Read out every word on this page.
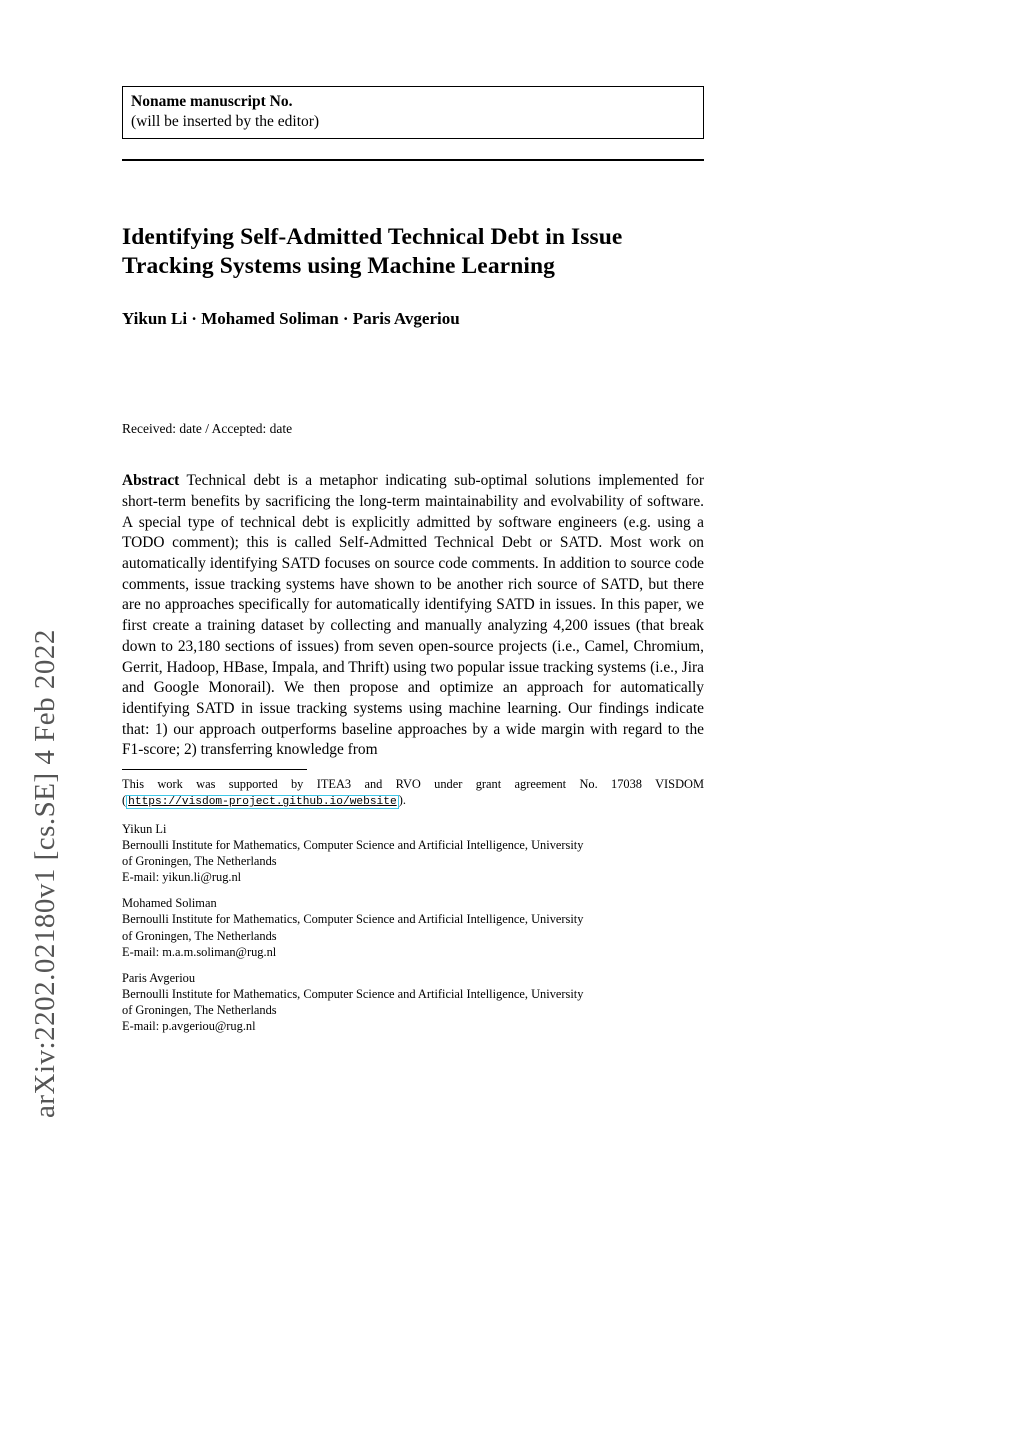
arXiv:2202.02180v1 [cs.SE] 4 Feb 2022
Noname manuscript No.
(will be inserted by the editor)
Identifying Self-Admitted Technical Debt in Issue Tracking Systems using Machine Learning
Yikun Li · Mohamed Soliman · Paris Avgeriou
Received: date / Accepted: date
Abstract Technical debt is a metaphor indicating sub-optimal solutions implemented for short-term benefits by sacrificing the long-term maintainability and evolvability of software. A special type of technical debt is explicitly admitted by software engineers (e.g. using a TODO comment); this is called Self-Admitted Technical Debt or SATD. Most work on automatically identifying SATD focuses on source code comments. In addition to source code comments, issue tracking systems have shown to be another rich source of SATD, but there are no approaches specifically for automatically identifying SATD in issues. In this paper, we first create a training dataset by collecting and manually analyzing 4,200 issues (that break down to 23,180 sections of issues) from seven open-source projects (i.e., Camel, Chromium, Gerrit, Hadoop, HBase, Impala, and Thrift) using two popular issue tracking systems (i.e., Jira and Google Monorail). We then propose and optimize an approach for automatically identifying SATD in issue tracking systems using machine learning. Our findings indicate that: 1) our approach outperforms baseline approaches by a wide margin with regard to the F1-score; 2) transferring knowledge from
This work was supported by ITEA3 and RVO under grant agreement No. 17038 VISDOM ( https://visdom-project.github.io/website ).
Yikun Li
Bernoulli Institute for Mathematics, Computer Science and Artificial Intelligence, University
of Groningen, The Netherlands
E-mail: yikun.li@rug.nl
Mohamed Soliman
Bernoulli Institute for Mathematics, Computer Science and Artificial Intelligence, University
of Groningen, The Netherlands
E-mail: m.a.m.soliman@rug.nl
Paris Avgeriou
Bernoulli Institute for Mathematics, Computer Science and Artificial Intelligence, University
of Groningen, The Netherlands
E-mail: p.avgeriou@rug.nl
